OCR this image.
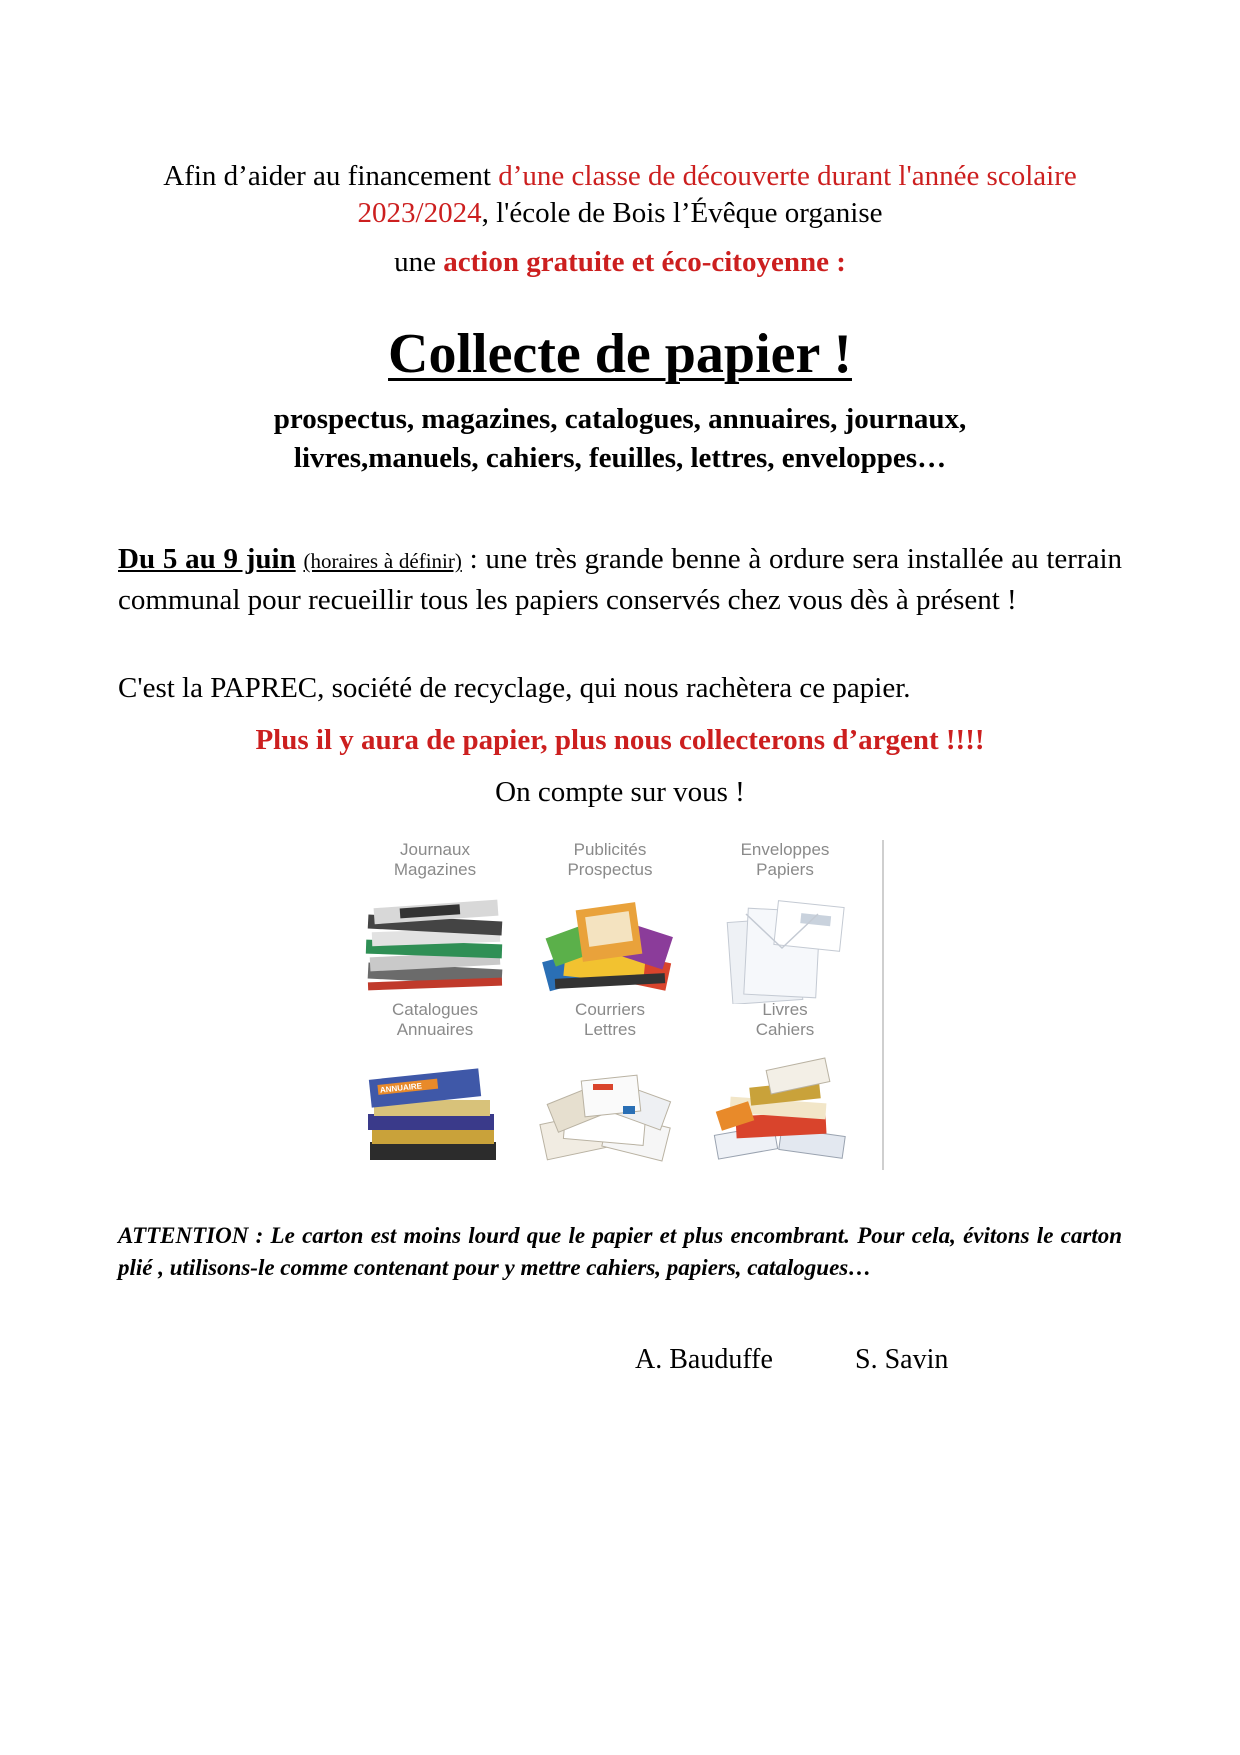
Afin d’aider au financement d’une classe de découverte durant l'année scolaire 2023/2024, l'école de Bois l’Évêque organise
une action gratuite et éco-citoyenne :
Collecte de papier !
prospectus, magazines, catalogues, annuaires, journaux,
livres,manuels, cahiers, feuilles, lettres, enveloppes…
Du 5 au 9 juin (horaires à définir) : une très grande benne à ordure sera installée au terrain communal pour recueillir tous les papiers conservés chez vous dès à présent !
C'est la PAPREC, société de recyclage, qui nous rachètera ce papier.
Plus il y aura de papier, plus nous collecterons d’argent !!!!
On compte sur vous !
Journaux
Magazines
Publicités
Prospectus
Enveloppes
Papiers
Catalogues
Annuaires
ANNUAIRE
Courriers
Lettres
Livres
Cahiers
ATTENTION : Le carton est moins lourd que le papier et plus encombrant. Pour cela, évitons le carton plié , utilisons-le comme contenant pour y mettre cahiers, papiers, catalogues…
A. Bauduffe	S. Savin
